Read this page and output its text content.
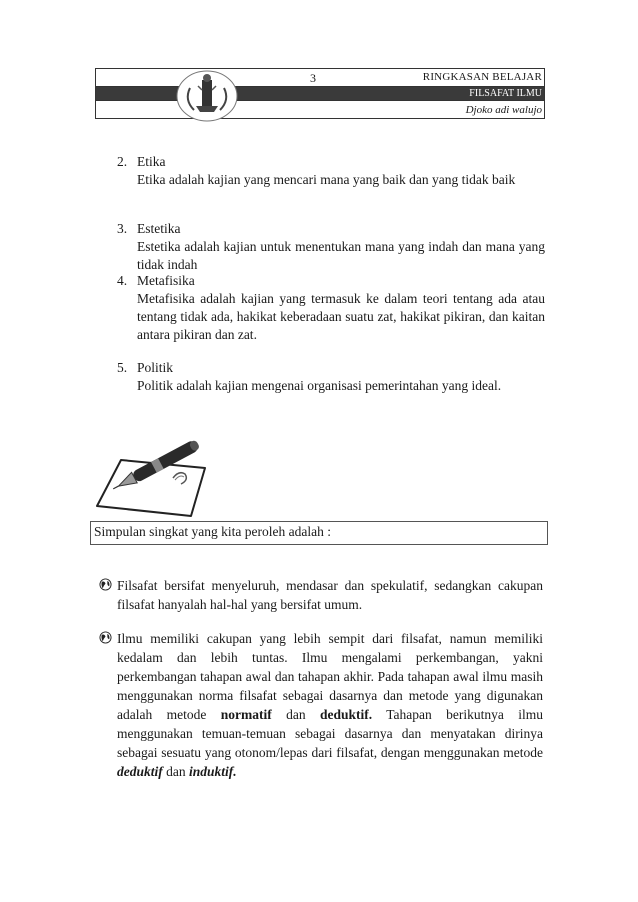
3	RINGKASAN BELAJAR
FILSAFAT ILMU
Djoko adi walujo
2. Etika
Etika adalah kajian yang mencari mana yang baik dan yang tidak baik
3. Estetika
Estetika adalah kajian untuk menentukan mana yang indah dan mana yang tidak indah
4. Metafisika
Metafisika adalah kajian yang termasuk ke dalam teori tentang ada atau tentang tidak ada, hakikat keberadaan suatu zat, hakikat pikiran, dan kaitan antara pikiran dan zat.
5. Politik
Politik adalah kajian mengenai organisasi pemerintahan yang ideal.
Simpulan singkat yang kita peroleh adalah :
Filsafat bersifat menyeluruh, mendasar dan spekulatif, sedangkan cakupan filsafat hanyalah hal-hal yang bersifat umum.
Ilmu memiliki cakupan yang lebih sempit dari filsafat, namun memiliki kedalam dan lebih tuntas. Ilmu mengalami perkembangan, yakni perkembangan tahapan awal dan tahapan akhir. Pada tahapan awal ilmu masih menggunakan norma filsafat sebagai dasarnya dan metode yang digunakan adalah metode normatif dan deduktif. Tahapan berikutnya ilmu menggunakan temuan-temuan sebagai dasarnya dan menyatakan dirinya sebagai sesuatu yang otonom/lepas dari filsafat, dengan menggunakan metode deduktif dan induktif.
